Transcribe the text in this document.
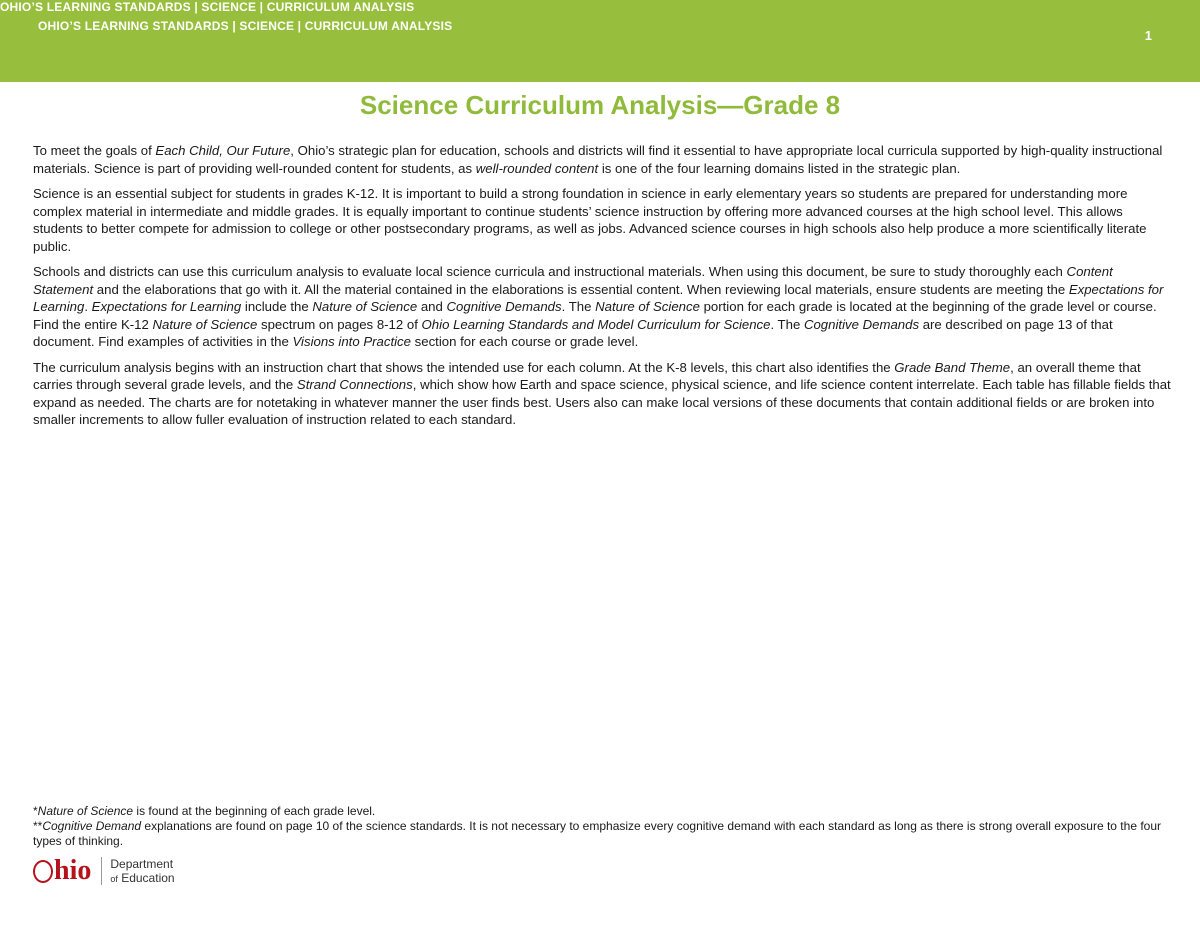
OHIO’S LEARNING STANDARDS | SCIENCE | CURRICULUM ANALYSIS
OHIO’S LEARNING STANDARDS | SCIENCE | CURRICULUM ANALYSIS
1
Science Curriculum Analysis—Grade 8

To meet the goals of Each Child, Our Future, Ohio’s strategic plan for education, schools and districts will find it essential to have appropriate local curricula supported by high-quality instructional materials. Science is part of providing well-rounded content for students, as well-rounded content is one of the four learning domains listed in the strategic plan.

Science is an essential subject for students in grades K-12. It is important to build a strong foundation in science in early elementary years so students are prepared for understanding more complex material in intermediate and middle grades. It is equally important to continue students’ science instruction by offering more advanced courses at the high school level. This allows students to better compete for admission to college or other postsecondary programs, as well as jobs. Advanced science courses in high schools also help produce a more scientifically literate public.

Schools and districts can use this curriculum analysis to evaluate local science curricula and instructional materials. When using this document, be sure to study thoroughly each Content Statement and the elaborations that go with it. All the material contained in the elaborations is essential content. When reviewing local materials, ensure students are meeting the Expectations for Learning. Expectations for Learning include the Nature of Science and Cognitive Demands. The Nature of Science portion for each grade is located at the beginning of the grade level or course. Find the entire K-12 Nature of Science spectrum on pages 8-12 of Ohio Learning Standards and Model Curriculum for Science. The Cognitive Demands are described on page 13 of that document. Find examples of activities in the Visions into Practice section for each course or grade level.

The curriculum analysis begins with an instruction chart that shows the intended use for each column. At the K-8 levels, this chart also identifies the Grade Band Theme, an overall theme that carries through several grade levels, and the Strand Connections, which show how Earth and space science, physical science, and life science content interrelate. Each table has fillable fields that expand as needed. The charts are for notetaking in whatever manner the user finds best. Users also can make local versions of these documents that contain additional fields or are broken into smaller increments to allow fuller evaluation of instruction related to each standard.

*Nature of Science is found at the beginning of each grade level.

**Cognitive Demand explanations are found on page 10 of the science standards. It is not necessary to emphasize every cognitive demand with each standard as long as there is strong overall exposure to the four types of thinking.

hio Department
of Education
